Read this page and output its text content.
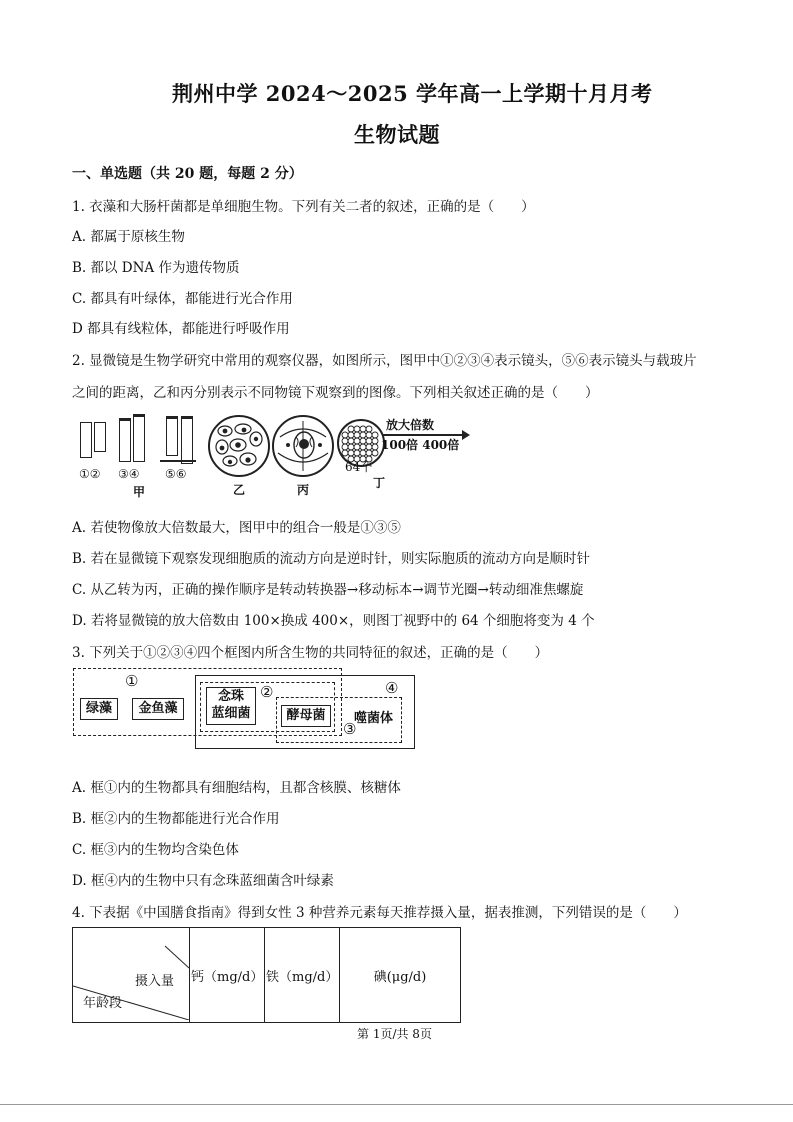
荆州中学 2024～2025 学年高一上学期十月月考
生物试题
一、单选题（共 20 题，每题 2 分）
1. 衣藻和大肠杆菌都是单细胞生物。下列有关二者的叙述，正确的是（　　）
A. 都属于原核生物
B. 都以 DNA 作为遗传物质
C. 都具有叶绿体，都能进行光合作用
D 都具有线粒体，都能进行呼吸作用
2. 显微镜是生物学研究中常用的观察仪器，如图所示，图甲中①②③④表示镜头，⑤⑥表示镜头与载玻片
之间的距离，乙和丙分别表示不同物镜下观察到的图像。下列相关叙述正确的是（　　）
①② ③④ ⑤⑥
甲	乙	丙
64个
丁
放大倍数
100倍 400倍
A. 若使物像放大倍数最大，图甲中的组合一般是①③⑤
B. 若在显微镜下观察发现细胞质的流动方向是逆时针，则实际胞质的流动方向是顺时针
C. 从乙转为丙，正确的操作顺序是转动转换器→移动标本→调节光圈→转动细准焦螺旋
D. 若将显微镜的放大倍数由 100×换成 400×，则图丁视野中的 64 个细胞将变为 4 个
3. 下列关于①②③④四个框图内所含生物的共同特征的叙述，正确的是（　　）
①
②
③
④
绿藻	金鱼藻
念珠
蓝细菌	酵母菌	噬菌体
A. 框①内的生物都具有细胞结构，且都含核膜、核糖体
B. 框②内的生物都能进行光合作用
C. 框③内的生物均含染色体
D. 框④内的生物中只有念珠蓝细菌含叶绿素
4. 下表据《中国膳食指南》得到女性 3 种营养元素每天推荐摄入量，据表推测，下列错误的是（　　）
摄入量
年龄段
	钙（mg/d）	铁（mg/d）	碘(μg/d)
第 1页/共 8页
